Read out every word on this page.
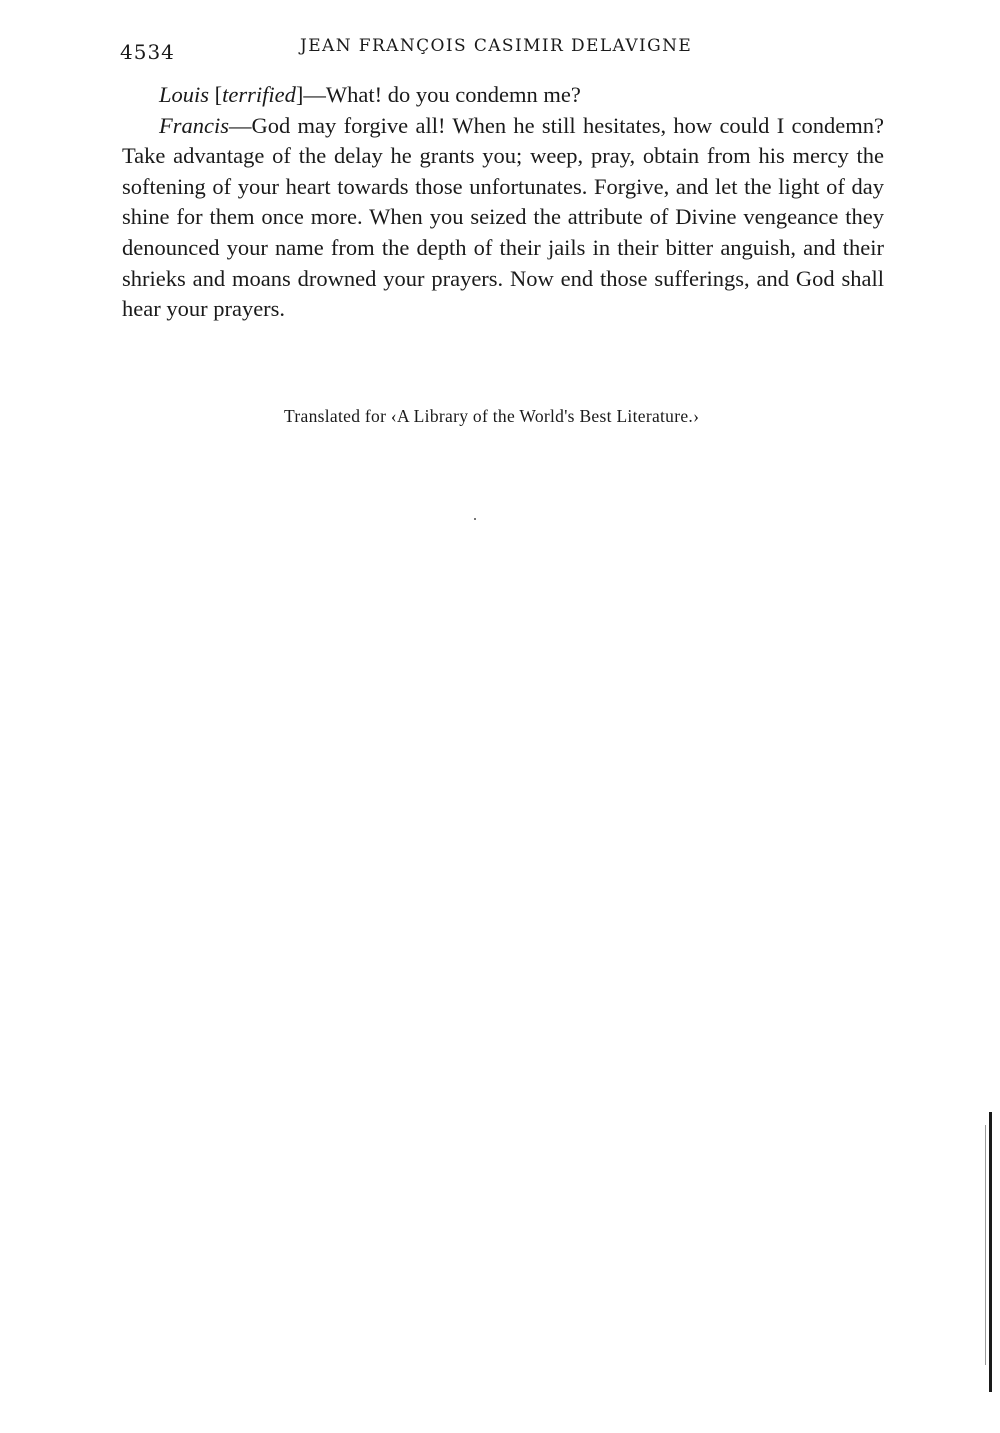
4534	JEAN FRANÇOIS CASIMIR DELAVIGNE

Louis [terrified]—What! do you condemn me?

Francis—God may forgive all! When he still hesitates, how could I condemn? Take advantage of the delay he grants you; weep, pray, obtain from his mercy the softening of your heart towards those unfortunates. Forgive, and let the light of day shine for them once more. When you seized the attribute of Divine vengeance they denounced your name from the depth of their jails in their bitter anguish, and their shrieks and moans drowned your prayers. Now end those sufferings, and God shall hear your prayers.

Translated for ‹A Library of the World's Best Literature.›
